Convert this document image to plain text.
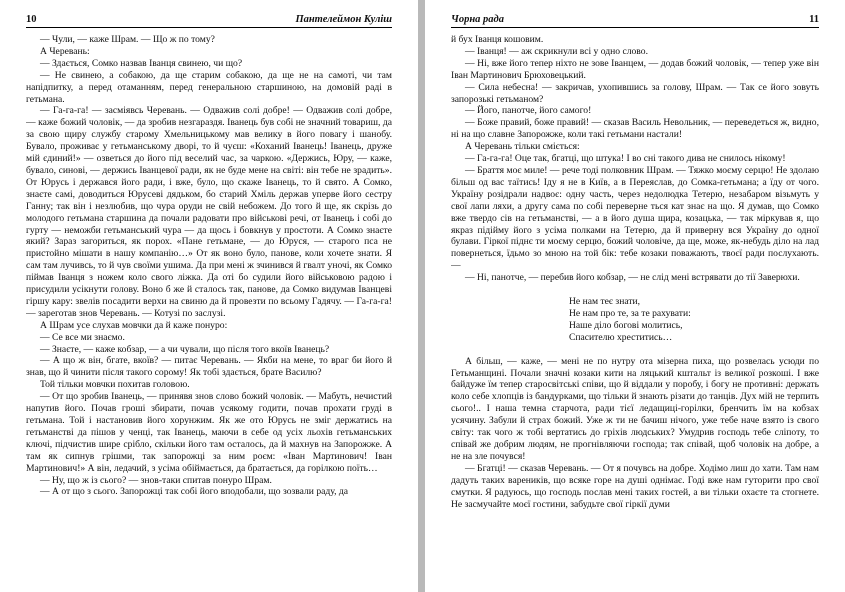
10	Пантелеймон Куліш

— Чули, — каже Шрам. — Що ж по тому?

А Черевань:

— Здається, Сомко назвав Іванця свинею, чи що?

— Не свинею, а собакою, да ще старим собакою, да ще не на самоті, чи там напідпитку, а перед отаманням, перед генеральною старшиною, на домовій раді в гетьмана.

— Га-га-га! — засміявсь Черевань. — Одважив солі добре! — Одважив солі добре, — каже божий чоловік, — да зробив незгараздя. Іванець був собі не значний товариш, да за свою щиру службу старому Хмельницькому мав велику в його повагу і шанобу. Бувало, проживає у гетьманському дворі, то й чуєш: «Коханий Іванець! Іванець, друже мій єдиний!» — озветься до його під веселий час, за чаркою. «Держись, Юру, — каже, бувало, синові, — держись Іванцевої ради, як не буде мене на світі: він тебе не зрадить». От Юрусь і держався його ради, і вже, було, що скаже Іванець, то й свято. А Сомко, знаєте самі, доводиться Юрусеві дядьком, бо старий Хміль держав уперве його сестру Ганну; так він і незлюбив, що чура оруди не свій небожем. До того й ще, як скрізь до молодого гетьмана старшина да почали радовати про військові речі, от Іванець і собі до гурту — неможби гетьманський чура — да щось і бовкнув у простоти. А Сомко знаєте який? Зараз загориться, як порох. «Пане гетьмане, — до Юруся, — старого пса не пристойно мішати в нашу компанію…» От як воно було, панове, коли хочете знати. Я сам там лучивсь, то й чув своїми ушима. Да при мені ж зчинився й гвалт уночі, як Сомко піймав Іванця з ножем коло свого ліжка. Да оті бо судили його військовою радою і присудили усікнути голову. Воно б же й сталось так, панове, да Сомко видумав Іванцеві гіршу кару: звелів посадити верхи на свиню да й провезти по всьому Гадячу. — Га-га-га! — зареготав знов Черевань. — Котузі по заслузі.

А Шрам усе слухав мовчки да й каже понуро:

— Се все ми знаємо.

— Знаєте, — каже кобзар, — а чи чували, що після того вкоїв Іванець?

— А що ж він, бгате, вкоїв? — питає Черевань. — Якби на мене, то враг би його й знав, що й чинити після такого сорому! Як тобі здається, брате Василю?

Той тільки мовчки похитав головою.

— От що зробив Іванець, — принявя знов слово божий чоловік. — Мабуть, нечистий напутив його. Почав гроші збирати, почав усякому годити, почав прохати груді в гетьмана. Той і настановив його хорунжим. Як же ото Юрусь не зміг держатись на гетьманстві да пішов у ченці, так Іванець, маючи в себе од усіх льохів гетьманських ключі, підчистив шире срібло, скільки його там осталось, да й махнув на Запорожже. А там як сипнув грішми, так запорожці за ним роєм: «Іван Мартинович! Іван Мартинович!» А він, ледачий, з усіма обіймається, да братається, да горілкою поїть…

— Ну, що ж із сього? — знов-таки спитав понуро Шрам.

— А от що з сього. Запорожці так собі його вподобали, що зозвали раду, да

Чорна рада	11

й бух Іванця кошовим.

— Іванця! — аж скрикнули всі у одно слово.

— Ні, вже його тепер ніхто не зове Іванцем, — додав божий чоловік, — тепер уже він Іван Мартинович Брюховецький.

— Сила небесна! — закричав, ухопившись за голову, Шрам. — Так се його зовуть запорозькі гетьманом?

— Його, панотче, його самого!

— Боже правий, боже правий! — сказав Василь Невольник, — переведеться ж, видно, ні на що славне Запорожже, коли такі гетьмани настали!

А Черевань тільки сміється:

— Га-га-га! Оце так, бгатці, що штука! І во сні такого дива не снилось нікому!

— Браття моє миле! — рече тоді полковник Шрам. — Тяжко моєму серцю! Не здолаю більш од вас таїтись! Ідy я не в Київ, а в Переяслав, до Сомка-гетьмана; а їду от чого. Україну розідрали надвоє: одну часть, через недолюдка Тетерю, незабаром візьмуть у свої лапи ляхи, а другу сама по собі переверне ться кат знає на що. Я думав, що Сомко вже твердо сів на гетьманстві, — а в його душа щира, козацька, — так міркував я, що якраз підійму його з усіма полками на Тетерю, да й приверну вся Україну до одної булави. Гіркої піднє ти моєму серцю, божий чоловіче, да ще, може, як-небудь діло на лад повернеться, їдьмо зо мною на той бік: тебе козаки поважають, твоєї ради послухають. —

— Ні, панотче, — перебив його кобзар, — не слід мені встрявати до тії Заверюхи.

Не нам теє знати,
Не нам про те, за те рахувати:
Нашe діло богові молитись,
Спасителю хреститись…

А більш, — каже, — мені не по нутру ота мізерна пиха, що розвелась усюди по Гетьманщині. Почали значні козаки кити на ляцький кштальт із великої розкоші. І вже байдуже їм тепер старосвітські співи, що й віддали у поробу, і богу не противні: держать коло себе хлопців із бандурками, що тільки й знають різати до танців. Дух мій не терпить сього!.. І наша темна старчота, ради тієї ледащиці-горілки, бренчить їм на кобзах усячину. Забули й страх божий. Уже ж ти не бачиш нічого, уже тебе наче взято із свого світу: так чого ж тобі вертатись до гріхів людських? Умудрив господь тебе сліпоту, то співай же добрим людям, не прогнівляючи господа; так співай, щоб чоловік на добре, а не на зле почувся!

— Бгатці! — сказав Черевань. — От я почувсь на добре. Ходімо лиш до хати. Там нам дадуть таких вареників, що всяке горе на душі однімає. Годі вже нам гуторити про свої смутки. Я радуюсь, що господь послав мені таких гостей, а ви тільки охаєте та стогнете. Не засмучайте моєї гостини, забудьте свої гіркії думи
